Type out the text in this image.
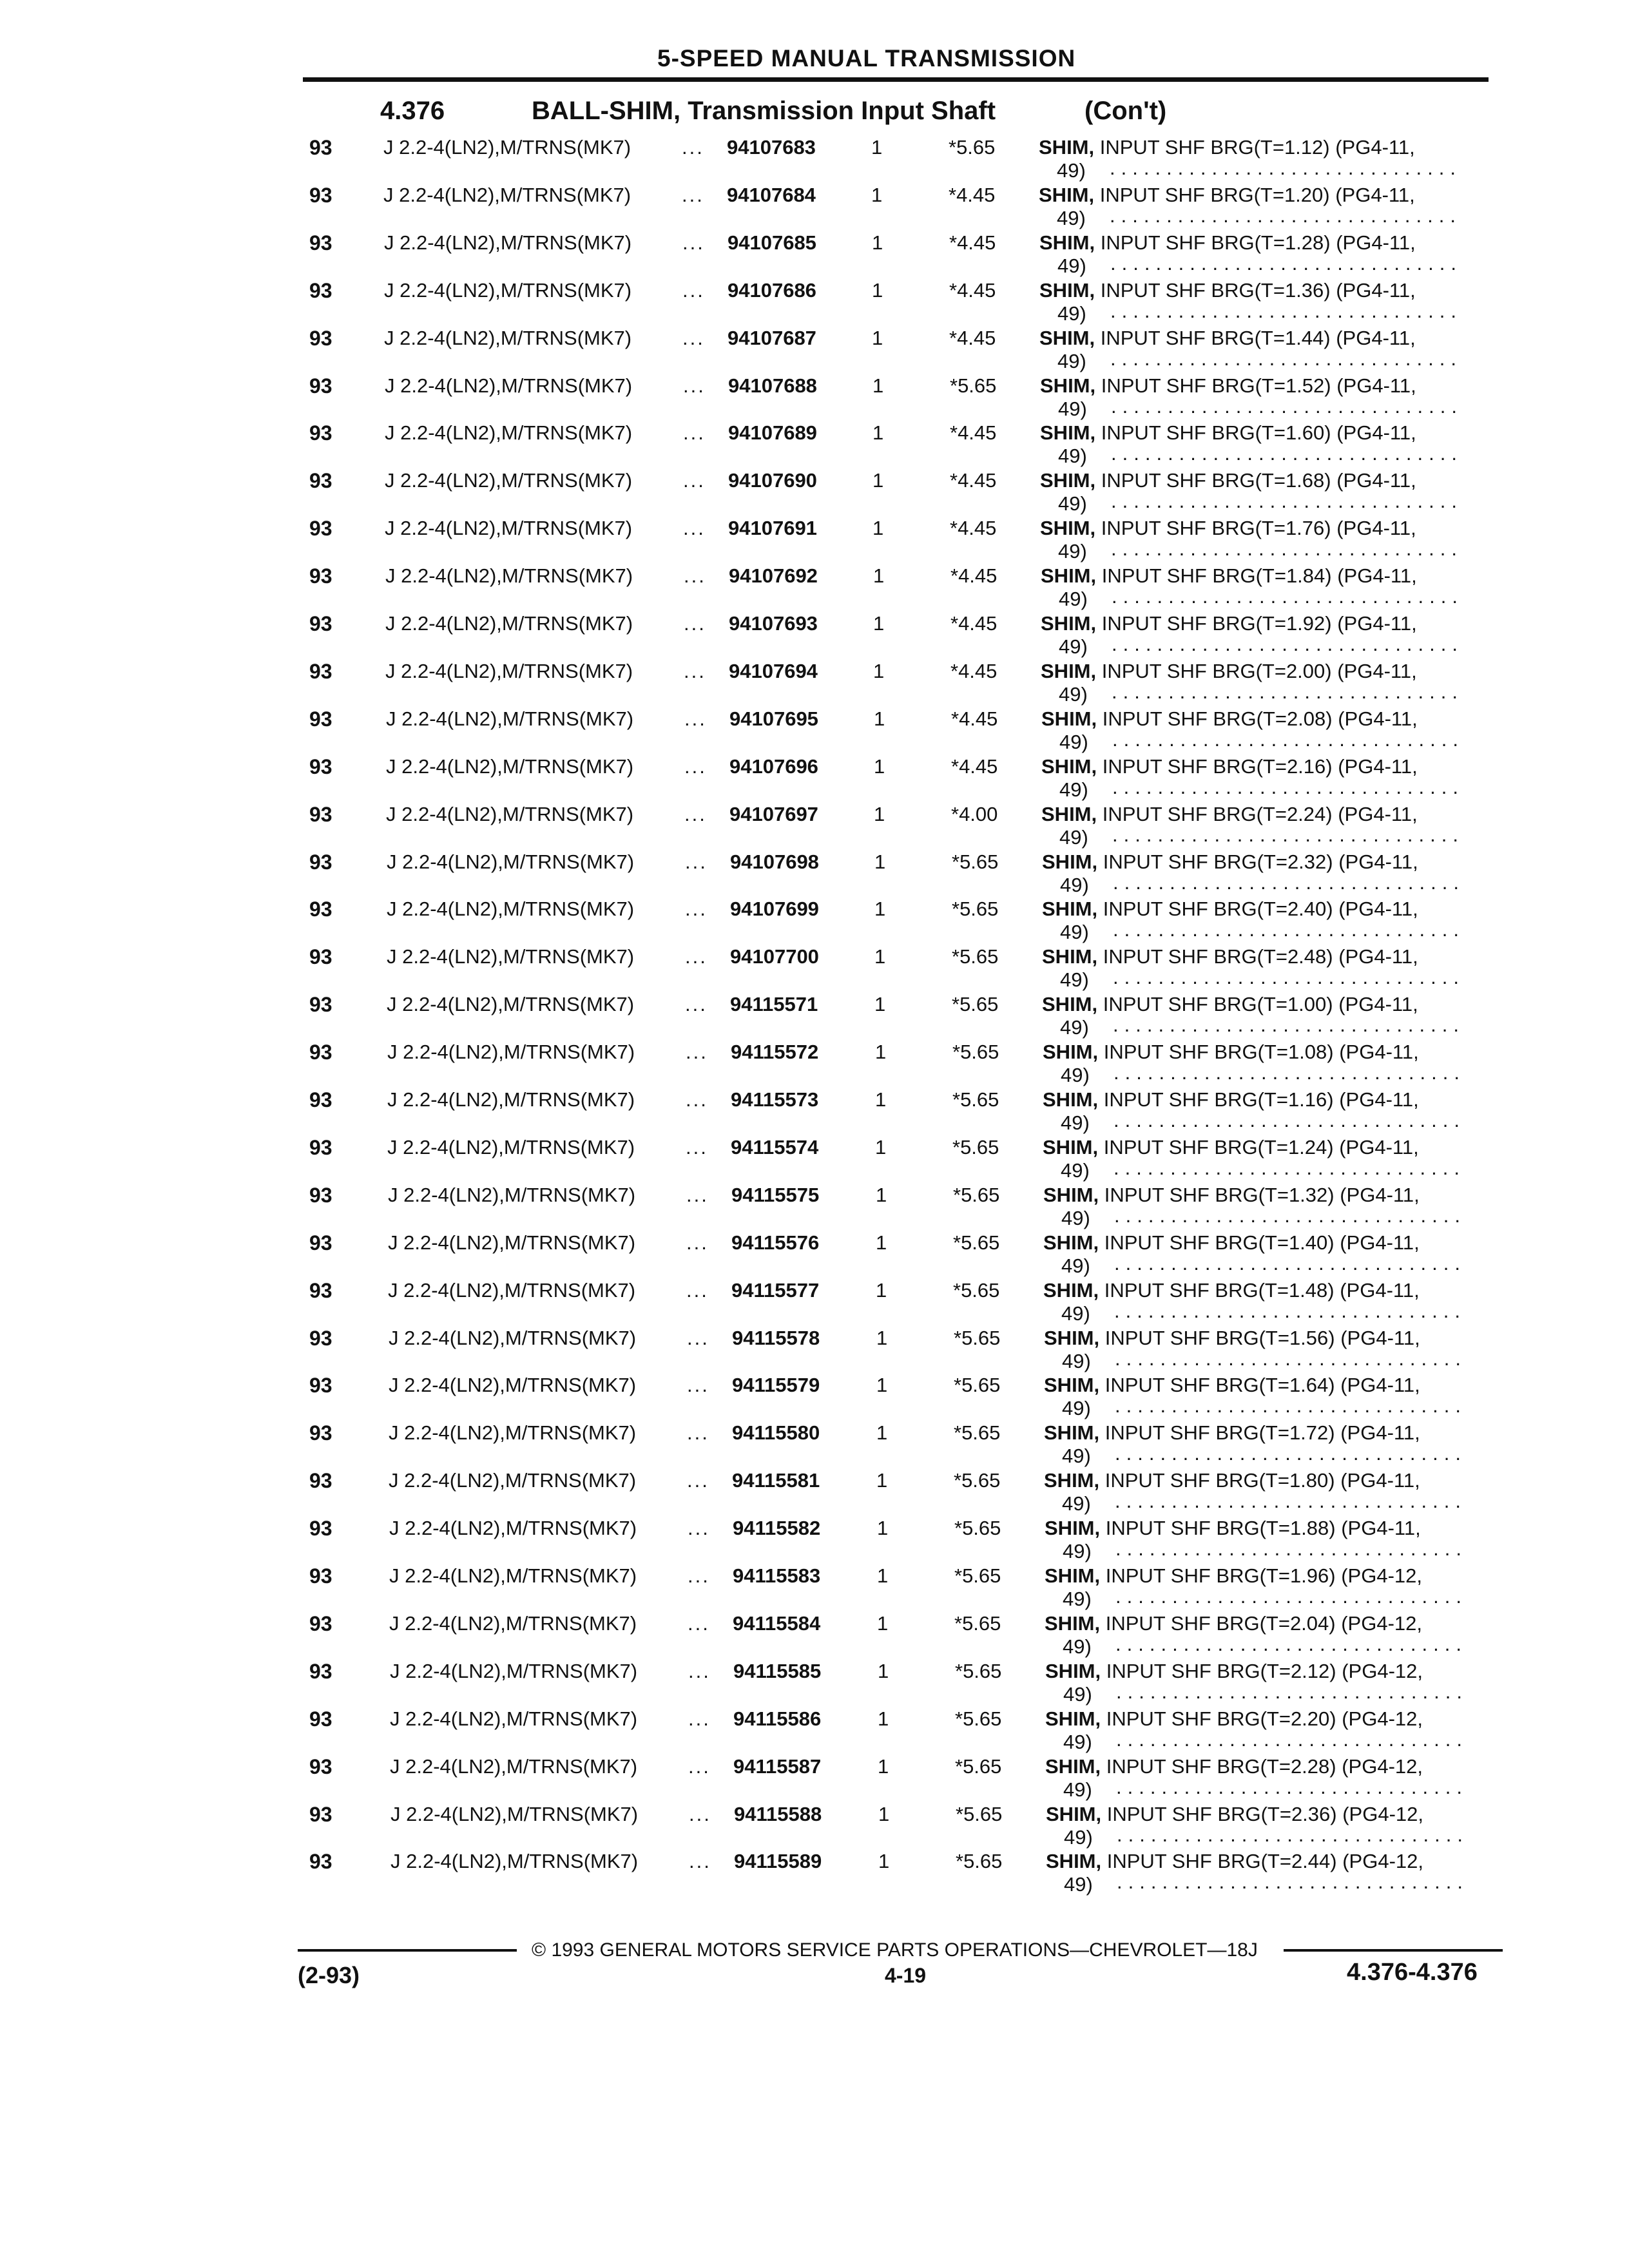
5-SPEED MANUAL TRANSMISSION
4.376	BALL-SHIM, Transmission Input Shaft	(Con't)
93	J 2.2-4(LN2),M/TRNS(MK7)	... 94107683	1	*5.65 SHIM, INPUT SHF BRG(T=1.12) (PG4-11,
49) ...............................
93	J 2.2-4(LN2),M/TRNS(MK7)	... 94107684	1	*4.45 SHIM, INPUT SHF BRG(T=1.20) (PG4-11,
49) ...............................
93	J 2.2-4(LN2),M/TRNS(MK7)	... 94107685	1	*4.45 SHIM, INPUT SHF BRG(T=1.28) (PG4-11,
49) ...............................
93	J 2.2-4(LN2),M/TRNS(MK7)	... 94107686	1	*4.45 SHIM, INPUT SHF BRG(T=1.36) (PG4-11,
49) ...............................
93	J 2.2-4(LN2),M/TRNS(MK7)	... 94107687	1	*4.45 SHIM, INPUT SHF BRG(T=1.44) (PG4-11,
49) ...............................
93	J 2.2-4(LN2),M/TRNS(MK7)	... 94107688	1	*5.65 SHIM, INPUT SHF BRG(T=1.52) (PG4-11,
49) ...............................
93	J 2.2-4(LN2),M/TRNS(MK7)	... 94107689	1	*4.45 SHIM, INPUT SHF BRG(T=1.60) (PG4-11,
49) ...............................
93	J 2.2-4(LN2),M/TRNS(MK7)	... 94107690	1	*4.45 SHIM, INPUT SHF BRG(T=1.68) (PG4-11,
49) ...............................
93	J 2.2-4(LN2),M/TRNS(MK7)	... 94107691	1	*4.45 SHIM, INPUT SHF BRG(T=1.76) (PG4-11,
49) ...............................
93	J 2.2-4(LN2),M/TRNS(MK7)	... 94107692	1	*4.45 SHIM, INPUT SHF BRG(T=1.84) (PG4-11,
49) ...............................
93	J 2.2-4(LN2),M/TRNS(MK7)	... 94107693	1	*4.45 SHIM, INPUT SHF BRG(T=1.92) (PG4-11,
49) ...............................
93	J 2.2-4(LN2),M/TRNS(MK7)	... 94107694	1	*4.45 SHIM, INPUT SHF BRG(T=2.00) (PG4-11,
49) ...............................
93	J 2.2-4(LN2),M/TRNS(MK7)	... 94107695	1	*4.45 SHIM, INPUT SHF BRG(T=2.08) (PG4-11,
49) ...............................
93	J 2.2-4(LN2),M/TRNS(MK7)	... 94107696	1	*4.45 SHIM, INPUT SHF BRG(T=2.16) (PG4-11,
49) ...............................
93	J 2.2-4(LN2),M/TRNS(MK7)	... 94107697	1	*4.00 SHIM, INPUT SHF BRG(T=2.24) (PG4-11,
49) ...............................
93	J 2.2-4(LN2),M/TRNS(MK7)	... 94107698	1	*5.65 SHIM, INPUT SHF BRG(T=2.32) (PG4-11,
49) ...............................
93	J 2.2-4(LN2),M/TRNS(MK7)	... 94107699	1	*5.65 SHIM, INPUT SHF BRG(T=2.40) (PG4-11,
49) ...............................
93	J 2.2-4(LN2),M/TRNS(MK7)	... 94107700	1	*5.65 SHIM, INPUT SHF BRG(T=2.48) (PG4-11,
49) ...............................
93	J 2.2-4(LN2),M/TRNS(MK7)	... 94115571	1	*5.65 SHIM, INPUT SHF BRG(T=1.00) (PG4-11,
49) ...............................
93	J 2.2-4(LN2),M/TRNS(MK7)	... 94115572	1	*5.65 SHIM, INPUT SHF BRG(T=1.08) (PG4-11,
49) ...............................
93	J 2.2-4(LN2),M/TRNS(MK7)	... 94115573	1	*5.65 SHIM, INPUT SHF BRG(T=1.16) (PG4-11,
49) ...............................
93	J 2.2-4(LN2),M/TRNS(MK7)	... 94115574	1	*5.65 SHIM, INPUT SHF BRG(T=1.24) (PG4-11,
49) ...............................
93	J 2.2-4(LN2),M/TRNS(MK7)	... 94115575	1	*5.65 SHIM, INPUT SHF BRG(T=1.32) (PG4-11,
49) ...............................
93	J 2.2-4(LN2),M/TRNS(MK7)	... 94115576	1	*5.65 SHIM, INPUT SHF BRG(T=1.40) (PG4-11,
49) ...............................
93	J 2.2-4(LN2),M/TRNS(MK7)	... 94115577	1	*5.65 SHIM, INPUT SHF BRG(T=1.48) (PG4-11,
49) ...............................
93	J 2.2-4(LN2),M/TRNS(MK7)	... 94115578	1	*5.65 SHIM, INPUT SHF BRG(T=1.56) (PG4-11,
49) ...............................
93	J 2.2-4(LN2),M/TRNS(MK7)	... 94115579	1	*5.65 SHIM, INPUT SHF BRG(T=1.64) (PG4-11,
49) ...............................
93	J 2.2-4(LN2),M/TRNS(MK7)	... 94115580	1	*5.65 SHIM, INPUT SHF BRG(T=1.72) (PG4-11,
49) ...............................
93	J 2.2-4(LN2),M/TRNS(MK7)	... 94115581	1	*5.65 SHIM, INPUT SHF BRG(T=1.80) (PG4-11,
49) ...............................
93	J 2.2-4(LN2),M/TRNS(MK7)	... 94115582	1	*5.65 SHIM, INPUT SHF BRG(T=1.88) (PG4-11,
49) ...............................
93	J 2.2-4(LN2),M/TRNS(MK7)	... 94115583	1	*5.65 SHIM, INPUT SHF BRG(T=1.96) (PG4-12,
49) ...............................
93	J 2.2-4(LN2),M/TRNS(MK7)	... 94115584	1	*5.65 SHIM, INPUT SHF BRG(T=2.04) (PG4-12,
49) ...............................
93	J 2.2-4(LN2),M/TRNS(MK7)	... 94115585	1	*5.65 SHIM, INPUT SHF BRG(T=2.12) (PG4-12,
49) ...............................
93	J 2.2-4(LN2),M/TRNS(MK7)	... 94115586	1	*5.65 SHIM, INPUT SHF BRG(T=2.20) (PG4-12,
49) ...............................
93	J 2.2-4(LN2),M/TRNS(MK7)	... 94115587	1	*5.65 SHIM, INPUT SHF BRG(T=2.28) (PG4-12,
49) ...............................
93	J 2.2-4(LN2),M/TRNS(MK7)	... 94115588	1	*5.65 SHIM, INPUT SHF BRG(T=2.36) (PG4-12,
49) ...............................
93	J 2.2-4(LN2),M/TRNS(MK7)	... 94115589	1	*5.65 SHIM, INPUT SHF BRG(T=2.44) (PG4-12,
49) ...............................
© 1993 GENERAL MOTORS SERVICE PARTS OPERATIONS—CHEVROLET—18J
(2-93)	4-19	4.376-4.376
